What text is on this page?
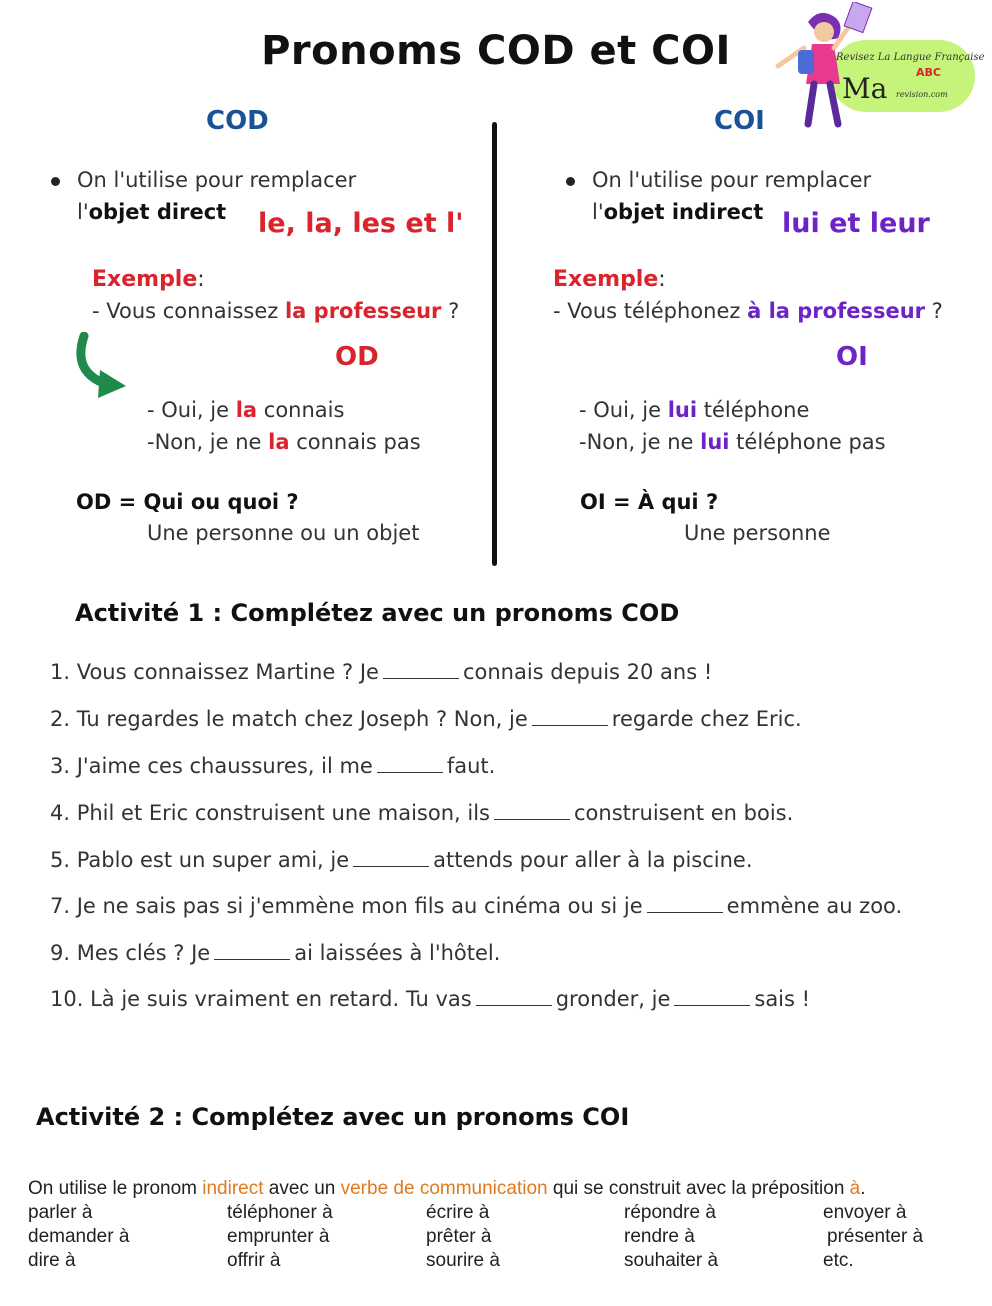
Pronoms COD et COI	Revisez La Langue Française
Ma	ABC
revision.com
COD	COI
On l'utilise pour remplacer
l'objet direct le, la, les et l'
Exemple:
- Vous connaissez la professeur ?
OD
- Oui, je la connais
-Non, je ne la connais pas
OD = Qui ou quoi ?
Une personne ou un objet
On l'utilise pour remplacer
l'objet indirect lui et leur
Exemple:
- Vous téléphonez à la professeur ?
OI
- Oui, je lui téléphone
-Non, je ne lui téléphone pas
OI = À qui ?
Une personne
Activité 1 : Complétez avec un pronoms COD
1. Vous connaissez Martine ? Je	connais depuis 20 ans !
2. Tu regardes le match chez Joseph ? Non, je	regarde chez Eric.
3. J'aime ces chaussures, il me	faut.
4. Phil et Eric construisent une maison, ils	construisent en bois.
5. Pablo est un super ami, je	attends pour aller à la piscine.
7. Je ne sais pas si j'emmène mon fils au cinéma ou si je	emmène au zoo.
9. Mes clés ? Je	ai laissées à l'hôtel.
10. Là je suis vraiment en retard. Tu vas	gronder, je	sais !
Activité 2 : Complétez avec un pronoms COI
On utilise le pronom indirect avec un verbe de communication qui se construit avec la préposition à.
parler à	téléphoner à	écrire à	répondre à	envoyer à
demander à	emprunter à	prêter à	rendre à	présenter à
dire à	offrir à	sourire à	souhaiter à	etc.
